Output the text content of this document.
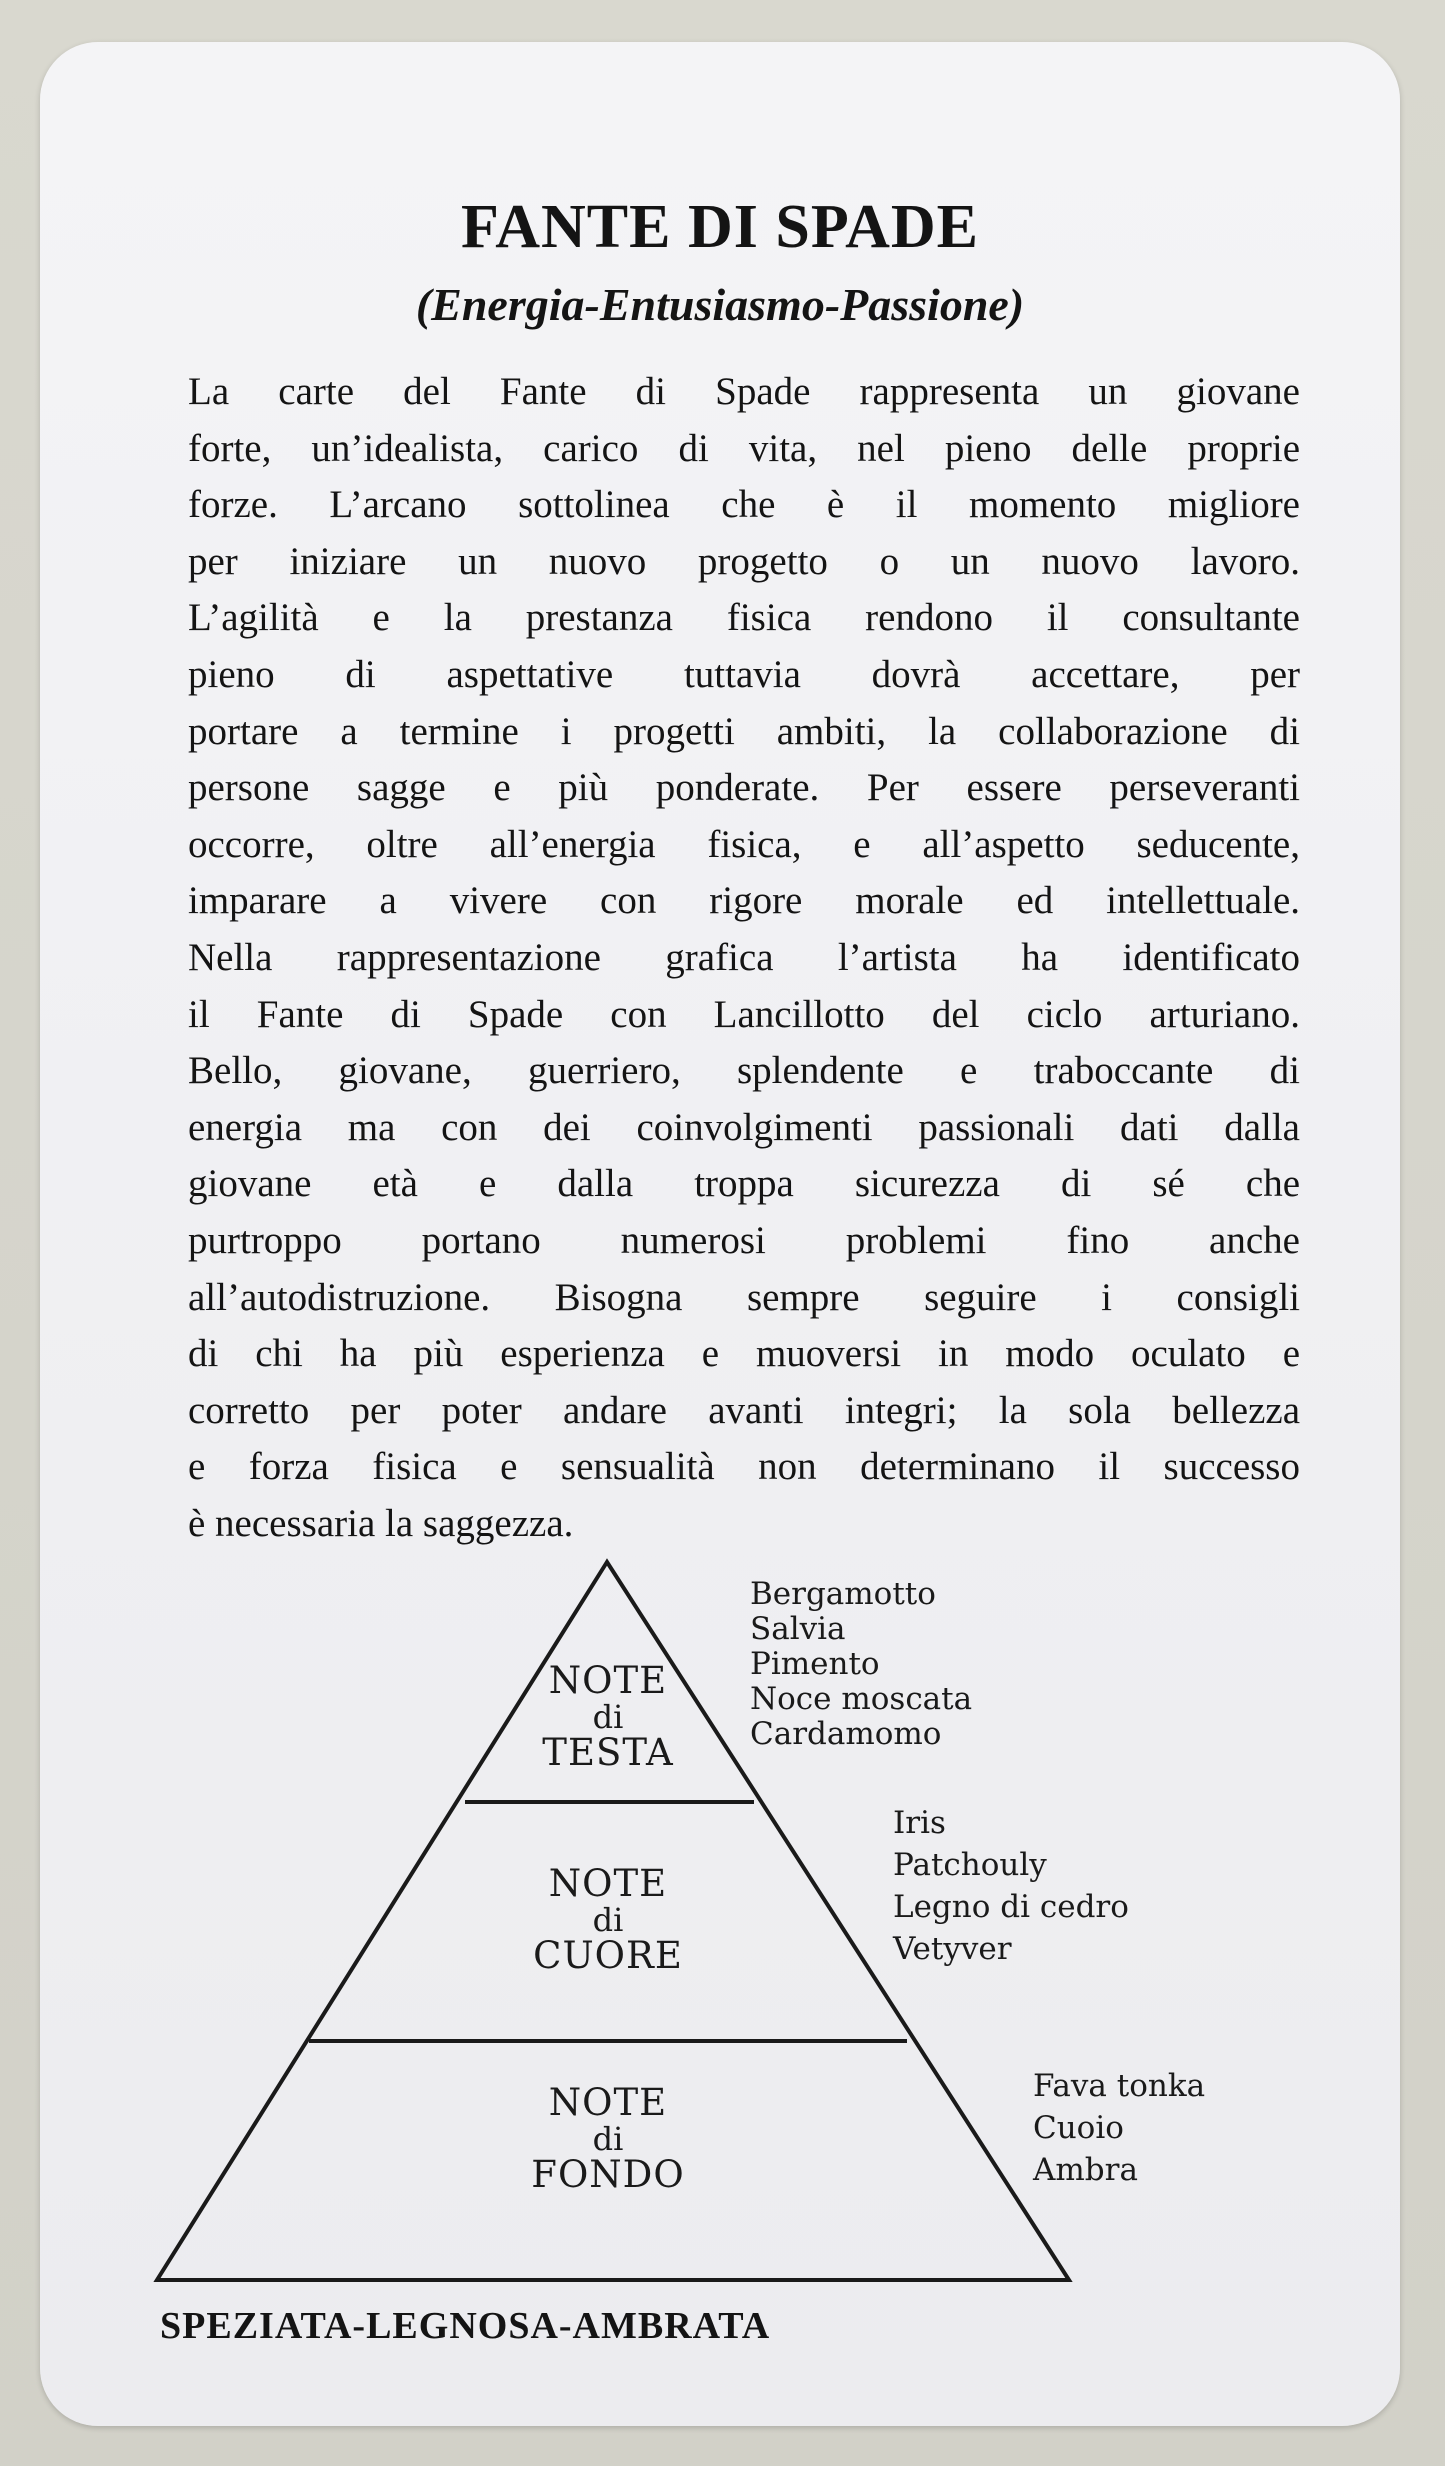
FANTE DI SPADE
(Energia-Entusiasmo-Passione)
La carte del Fante di Spade rappresenta un giovane
forte, un’idealista, carico di vita, nel pieno delle proprie
forze. L’arcano sottolinea che è il momento migliore
per iniziare un nuovo progetto o un nuovo lavoro.
L’agilità e la prestanza fisica rendono il consultante
pieno di aspettative tuttavia dovrà accettare, per
portare a termine i progetti ambiti, la collaborazione di
persone sagge e più ponderate. Per essere perseveranti
occorre, oltre all’energia fisica, e all’aspetto seducente,
imparare a vivere con rigore morale ed intellettuale.
Nella rappresentazione grafica l’artista ha identificato
il Fante di Spade con Lancillotto del ciclo arturiano.
Bello, giovane, guerriero, splendente e traboccante di
energia ma con dei coinvolgimenti passionali dati dalla
giovane età e dalla troppa sicurezza di sé che
purtroppo portano numerosi problemi fino anche
all’autodistruzione. Bisogna sempre seguire i consigli
di chi ha più esperienza e muoversi in modo oculato e
corretto per poter andare avanti integri; la sola bellezza
e forza fisica e sensualità non determinano il successo
è necessaria la saggezza.
NOTE
di
TESTA
NOTE
di
CUORE
NOTE
di
FONDO
Bergamotto
Salvia
Pimento
Noce moscata
Cardamomo
Iris
Patchouly
Legno di cedro
Vetyver
Fava tonka
Cuoio
Ambra
SPEZIATA-LEGNOSA-AMBRATA
